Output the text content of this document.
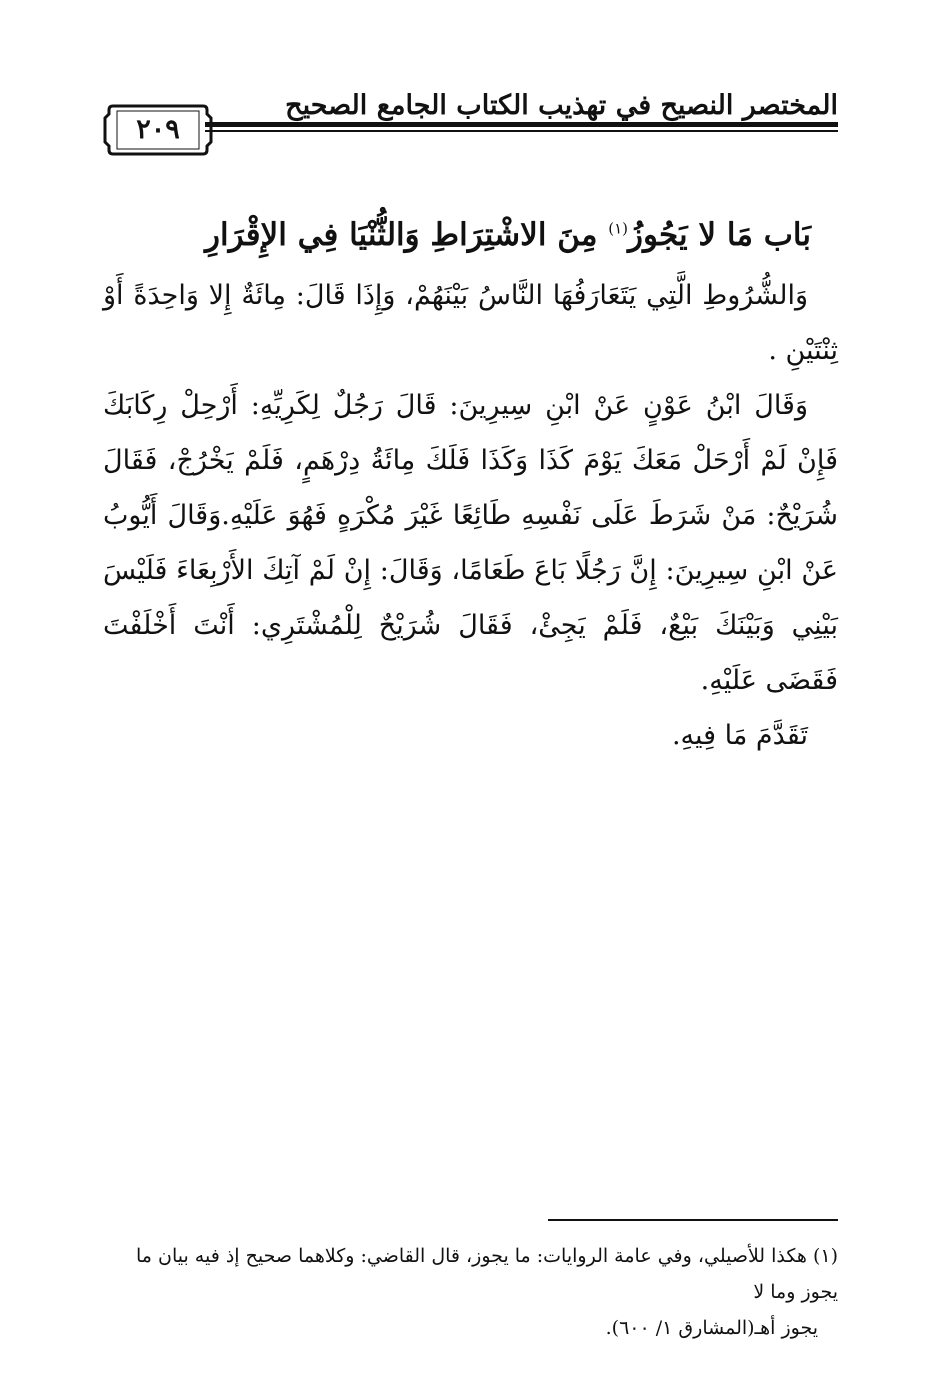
المختصر النصيح في تهذيب الكتاب الجامع الصحيح
٢٠٩
بَاب مَا لا يَجُوزُ$^{(١)}$ مِنَ الاشْتِرَاطِ وَالثُّنْيَا فِي الإِقْرَارِ

وَالشُّرُوطِ الَّتِي يَتَعَارَفُهَا النَّاسُ بَيْنَهُمْ، وَإِذَا قَالَ: مِائَةٌ إِلا وَاحِدَةً أَوْ ثِنْتَيْنِ .

وَقَالَ ابْنُ عَوْنٍ عَنْ ابْنِ سِيرِينَ: قَالَ رَجُلٌ لِكَرِيِّهِ: أَرْحِلْ رِكَابَكَ فَإِنْ لَمْ أَرْحَلْ مَعَكَ يَوْمَ كَذَا وَكَذَا فَلَكَ مِائَةُ دِرْهَمٍ، فَلَمْ يَخْرُجْ، فَقَالَ شُرَيْحٌ: مَنْ شَرَطَ عَلَى نَفْسِهِ طَائِعًا غَيْرَ مُكْرَهٍ فَهُوَ عَلَيْهِ.وَقَالَ أَيُّوبُ عَنْ ابْنِ سِيرِينَ: إِنَّ رَجُلًا بَاعَ طَعَامًا، وَقَالَ: إِنْ لَمْ آتِكَ الأَرْبِعَاءَ فَلَيْسَ بَيْنِي وَبَيْنَكَ بَيْعٌ، فَلَمْ يَجِئْ، فَقَالَ شُرَيْحٌ لِلْمُشْتَرِي: أَنْتَ أَخْلَفْتَ فَقَضَى عَلَيْهِ.

تَقَدَّمَ مَا فِيهِ.

(١) هكذا للأصيلي، وفي عامة الروايات: ما يجوز، قال القاضي: وكلاهما صحيح إذ فيه بيان ما يجوز وما لا

يجوز أهـ(المشارق ١/ ٦٠٠).
